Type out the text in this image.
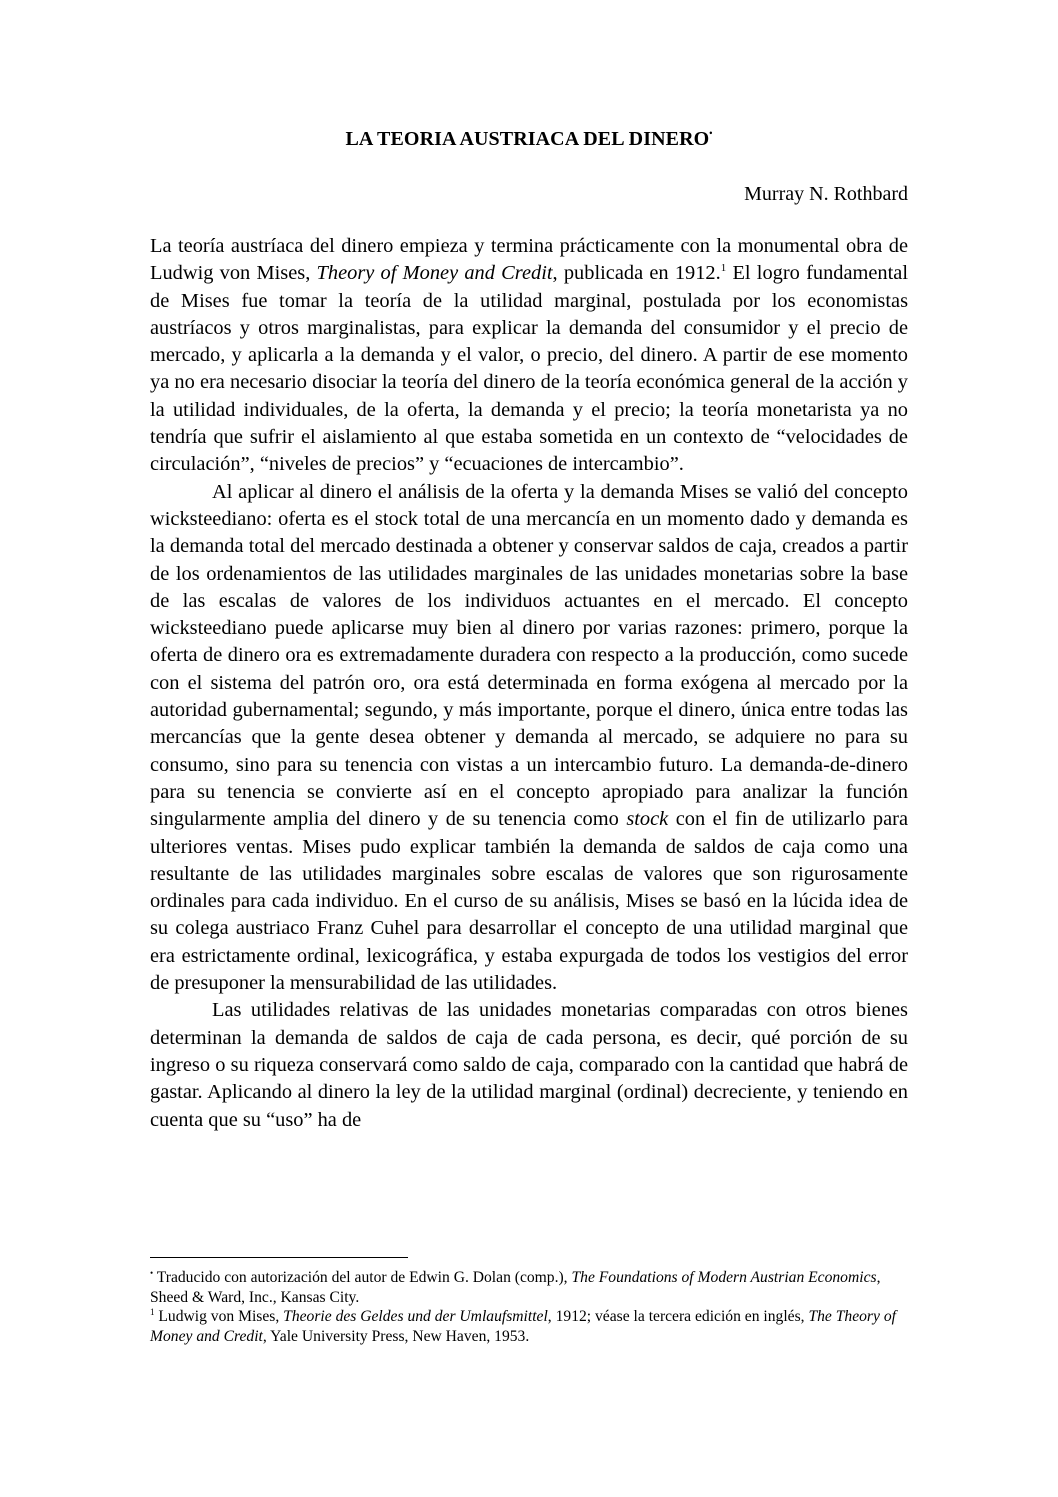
LA TEORIA AUSTRIACA DEL DINERO•
Murray N. Rothbard

La teoría austríaca del dinero empieza y termina prácticamente con la monumental obra de Ludwig von Mises, Theory of Money and Credit, publicada en 1912.$^1$ El logro fundamental de Mises fue tomar la teoría de la utilidad marginal, postulada por los economistas austríacos y otros marginalistas, para explicar la demanda del consumidor y el precio de mercado, y aplicarla a la demanda y el valor, o precio, del dinero. A partir de ese momento ya no era necesario disociar la teoría del dinero de la teoría económica general de la acción y la utilidad individuales, de la oferta, la demanda y el precio; la teoría monetarista ya no tendría que sufrir el aislamiento al que estaba sometida en un contexto de “velocidades de circulación”, “niveles de precios” y “ecuaciones de intercambio”.

Al aplicar al dinero el análisis de la oferta y la demanda Mises se valió del concepto wicksteediano: oferta es el stock total de una mercancía en un momento dado y demanda es la demanda total del mercado destinada a obtener y conservar saldos de caja, creados a partir de los ordenamientos de las utilidades marginales de las unidades monetarias sobre la base de las escalas de valores de los individuos actuantes en el mercado. El concepto wicksteediano puede aplicarse muy bien al dinero por varias razones: primero, porque la oferta de dinero ora es extremadamente duradera con respecto a la producción, como sucede con el sistema del patrón oro, ora está determinada en forma exógena al mercado por la autoridad gubernamental; segundo, y más importante, porque el dinero, única entre todas las mercancías que la gente desea obtener y demanda al mercado, se adquiere no para su consumo, sino para su tenencia con vistas a un intercambio futuro. La demanda-de-dinero para su tenencia se convierte así en el concepto apropiado para analizar la función singularmente amplia del dinero y de su tenencia como stock con el fin de utilizarlo para ulteriores ventas. Mises pudo explicar también la demanda de saldos de caja como una resultante de las utilidades marginales sobre escalas de valores que son rigurosamente ordinales para cada individuo. En el curso de su análisis, Mises se basó en la lúcida idea de su colega austriaco Franz Cuhel para desarrollar el concepto de una utilidad marginal que era estrictamente ordinal, lexicográfica, y estaba expurgada de todos los vestigios del error de presuponer la mensurabilidad de las utilidades.

Las utilidades relativas de las unidades monetarias comparadas con otros bienes determinan la demanda de saldos de caja de cada persona, es decir, qué porción de su ingreso o su riqueza conservará como saldo de caja, comparado con la cantidad que habrá de gastar. Aplicando al dinero la ley de la utilidad marginal (ordinal) decreciente, y teniendo en cuenta que su “uso” ha de

• Traducido con autorización del autor de Edwin G. Dolan (comp.), The Foundations of Modern Austrian Economics, Sheed & Ward, Inc., Kansas City.

$^1$ Ludwig von Mises, Theorie des Geldes und der Umlaufsmittel, 1912; véase la tercera edición en inglés, The Theory of Money and Credit, Yale University Press, New Haven, 1953.
